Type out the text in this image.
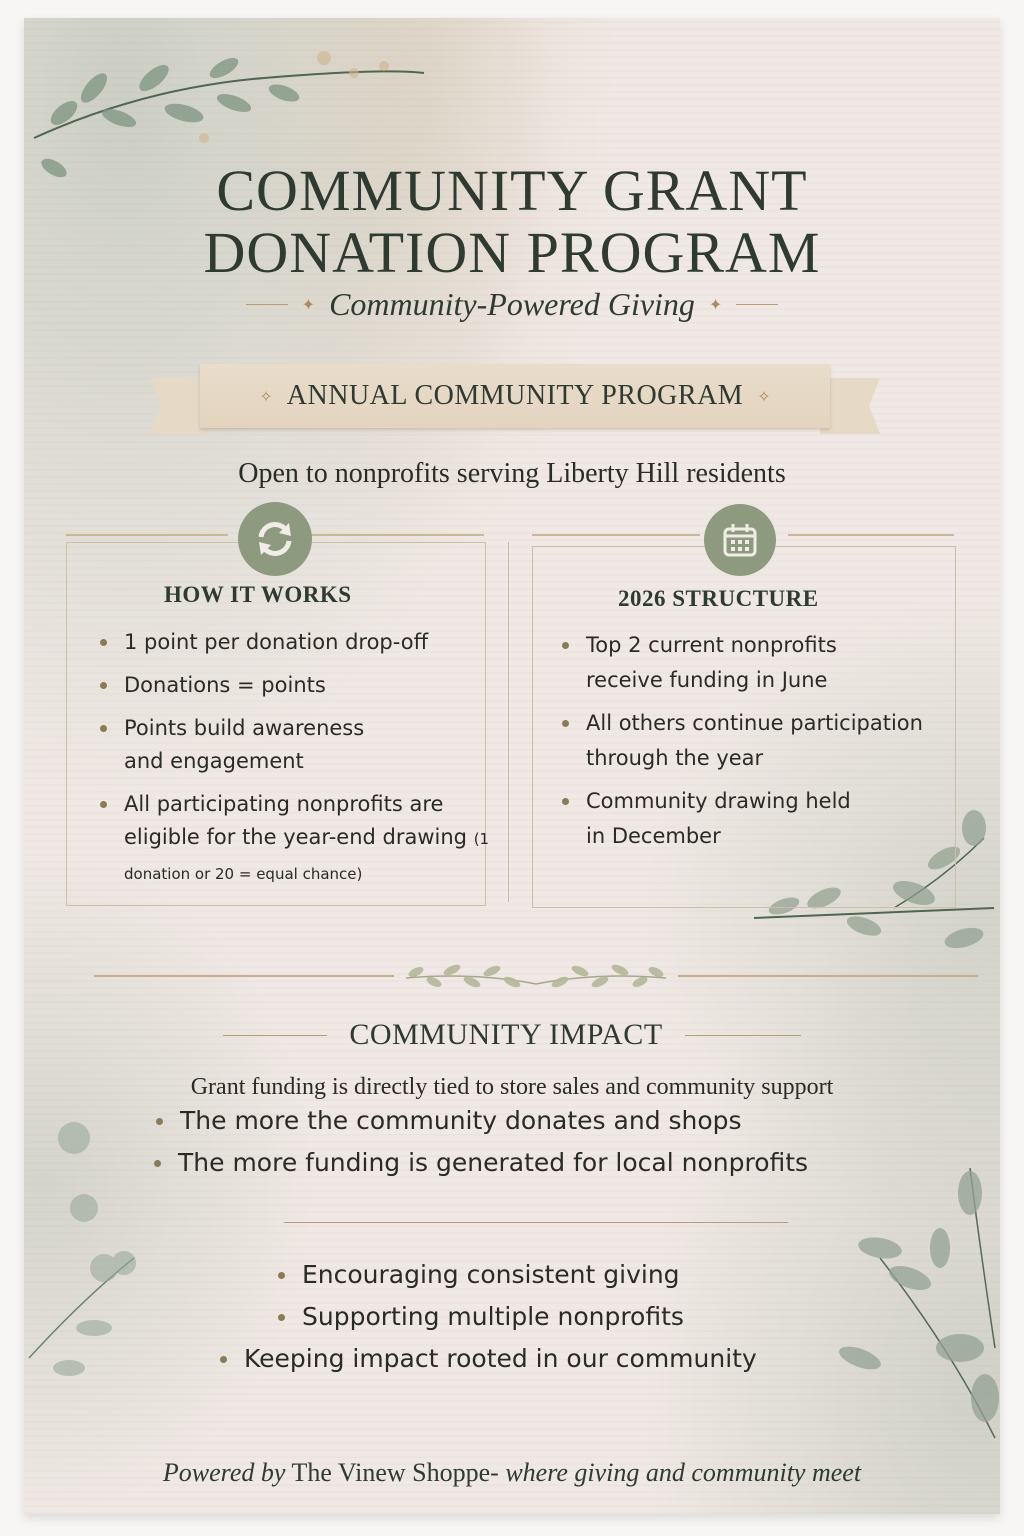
COMMUNITY GRANT
DONATION PROGRAM
✦ Community-Powered Giving ✦
✧ ANNUAL COMMUNITY PROGRAM ✧
Open to nonprofits serving Liberty Hill residents
HOW IT WORKS
1 point per donation drop-off
Donations = points
Points build awareness and engagement
All participating nonprofits are eligible for the year-end drawing (1 donation or 20 = equal chance)
2026 STRUCTURE
Top 2 current nonprofits receive funding in June
All others continue participation through the year
Community drawing held in December
COMMUNITY IMPACT
Grant funding is directly tied to store sales and community support
The more the community donates and shops
The more funding is generated for local nonprofits
Encouraging consistent giving
Supporting multiple nonprofits
Keeping impact rooted in our community
Powered by The Vinew Shoppe- where giving and community meet
